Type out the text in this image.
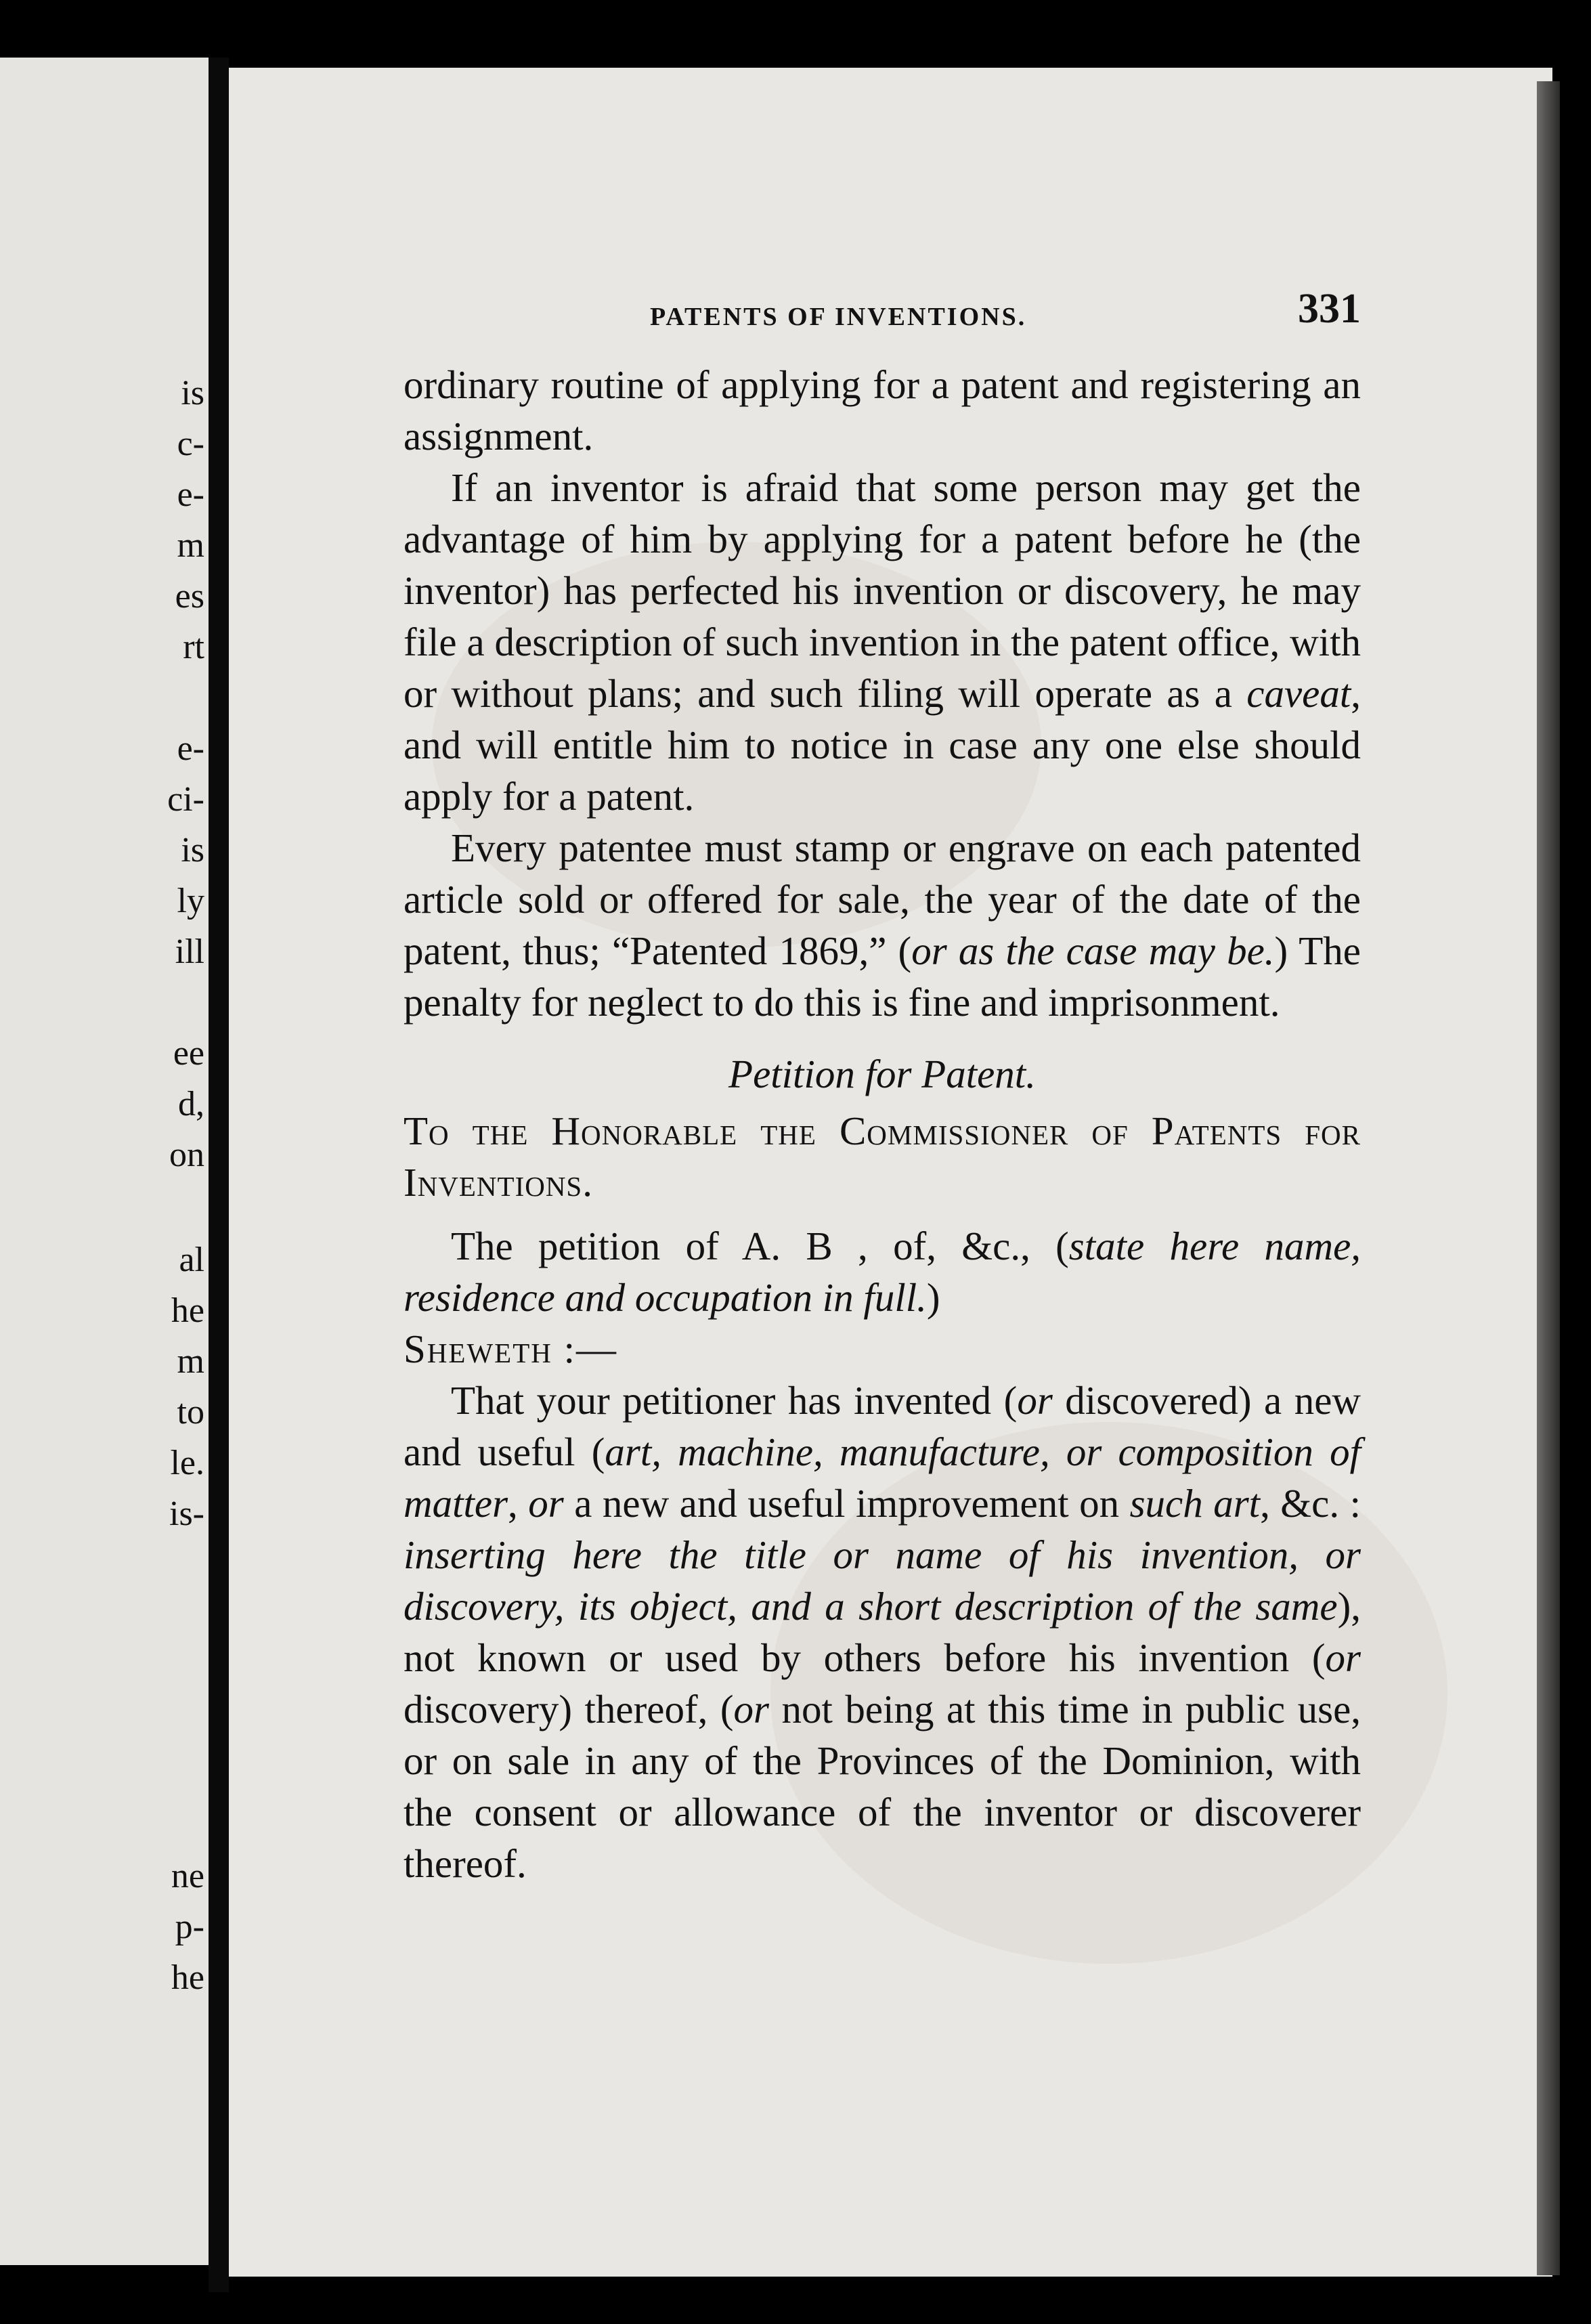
is
c-
e-
m
es
rt
e-
ci-
is
ly
ill
ee
d,
on
al
he
m
to
le.
is-
ne
p-
he
PATENTS OF INVENTIONS.	331

ordinary routine of applying for a patent and registering an assignment.

If an inventor is afraid that some person may get the advantage of him by applying for a patent before he (the inventor) has perfected his invention or discovery, he may file a description of such invention in the patent office, with or without plans; and such filing will operate as a caveat, and will entitle him to notice in case any one else should apply for a patent.

Every patentee must stamp or engrave on each patented article sold or offered for sale, the year of the date of the patent, thus; “Patented 1869,” (or as the case may be.) The penalty for neglect to do this is fine and imprisonment.

Petition for Patent.

To the Honorable the Commissioner of Patents for Inventions.

The petition of A. B , of, &c., (state here name, residence and occupation in full.)

Sheweth :—

That your petitioner has invented (or discovered) a new and useful (art, machine, manufacture, or composition of matter, or a new and useful improvement on such art, &c. : inserting here the title or name of his invention, or discovery, its object, and a short description of the same), not known or used by others before his invention (or discovery) thereof, (or not being at this time in public use, or on sale in any of the Provinces of the Dominion, with the consent or allowance of the inventor or discoverer thereof.
